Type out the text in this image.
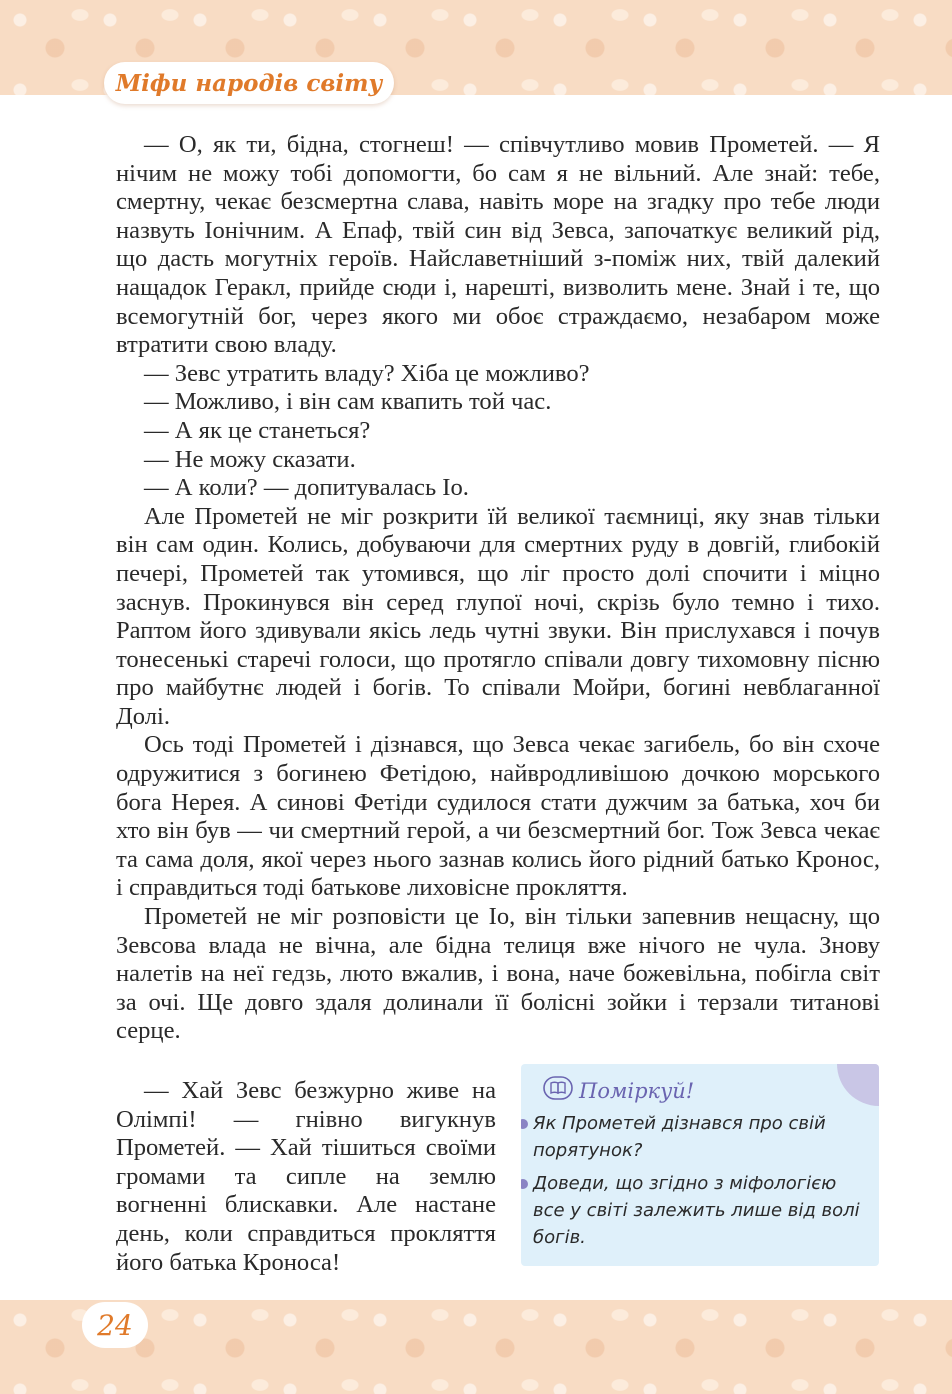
Міфи народів світу

— О, як ти, бідна, стогнеш! — співчутливо мовив Прометей. — Я нічим не можу тобі допомогти, бо сам я не вільний. Але знай: тебе, смертну, чекає безсмертна слава, навіть море на згадку про тебе люди назвуть Іонічним. А Епаф, твій син від Зевса, започаткує великий рід, що дасть могутніх героїв. Найславетніший з-поміж них, твій далекий нащадок Геракл, прийде сюди і, нарешті, визволить мене. Знай і те, що всемогутній бог, через якого ми обоє страждаємо, незабаром може втратити свою владу.

— Зевс утратить владу? Хіба це можливо?

— Можливо, і він сам квапить той час.

— А як це станеться?

— Не можу сказати.

— А коли? — допитувалась Іо.

Але Прометей не міг розкрити їй великої таємниці, яку знав тільки він сам один. Колись, добуваючи для смертних руду в довгій, глибокій печері, Прометей так утомився, що ліг просто долі спочити і міцно заснув. Прокинувся він серед глупої ночі, скрізь було темно і тихо. Раптом його здивували якісь ледь чутні звуки. Він прислухався і почув тонесенькі старечі голоси, що протягло співали довгу тихомовну пісню про майбутнє людей і богів. То співали Мойри, богині невблаганної Долі.

Ось тоді Прометей і дізнався, що Зевса чекає загибель, бо він схоче одружитися з богинею Фетідою, найвродливішою дочкою морського бога Нерея. А синові Фетіди судилося стати дужчим за батька, хоч би хто він був — чи смертний герой, а чи безсмертний бог. Тож Зевса чекає та сама доля, якої через нього зазнав колись його рідний батько Кронос, і справдиться тоді батькове лиховісне прокляття.

Прометей не міг розповісти це Іо, він тільки запевнив нещасну, що Зевсова влада не вічна, але бідна телиця вже нічого не чула. Знову налетів на неї гедзь, люто вжалив, і вона, наче божевільна, побігла світ за очі. Ще довго здаля долинали її болісні зойки і терзали титанові серце.

— Хай Зевс безжурно живе на Олімпі! — гнівно вигукнув Прометей. — Хай тішиться своїми громами та сипле на землю вогненні блискавки. Але настане день, коли справдиться прокляття його батька Кроноса!

Поміркуй!
Як Прометей дізнався про свій порятунок?
Доведи, що згідно з міфологією все у світі залежить лише від волі богів.
24
